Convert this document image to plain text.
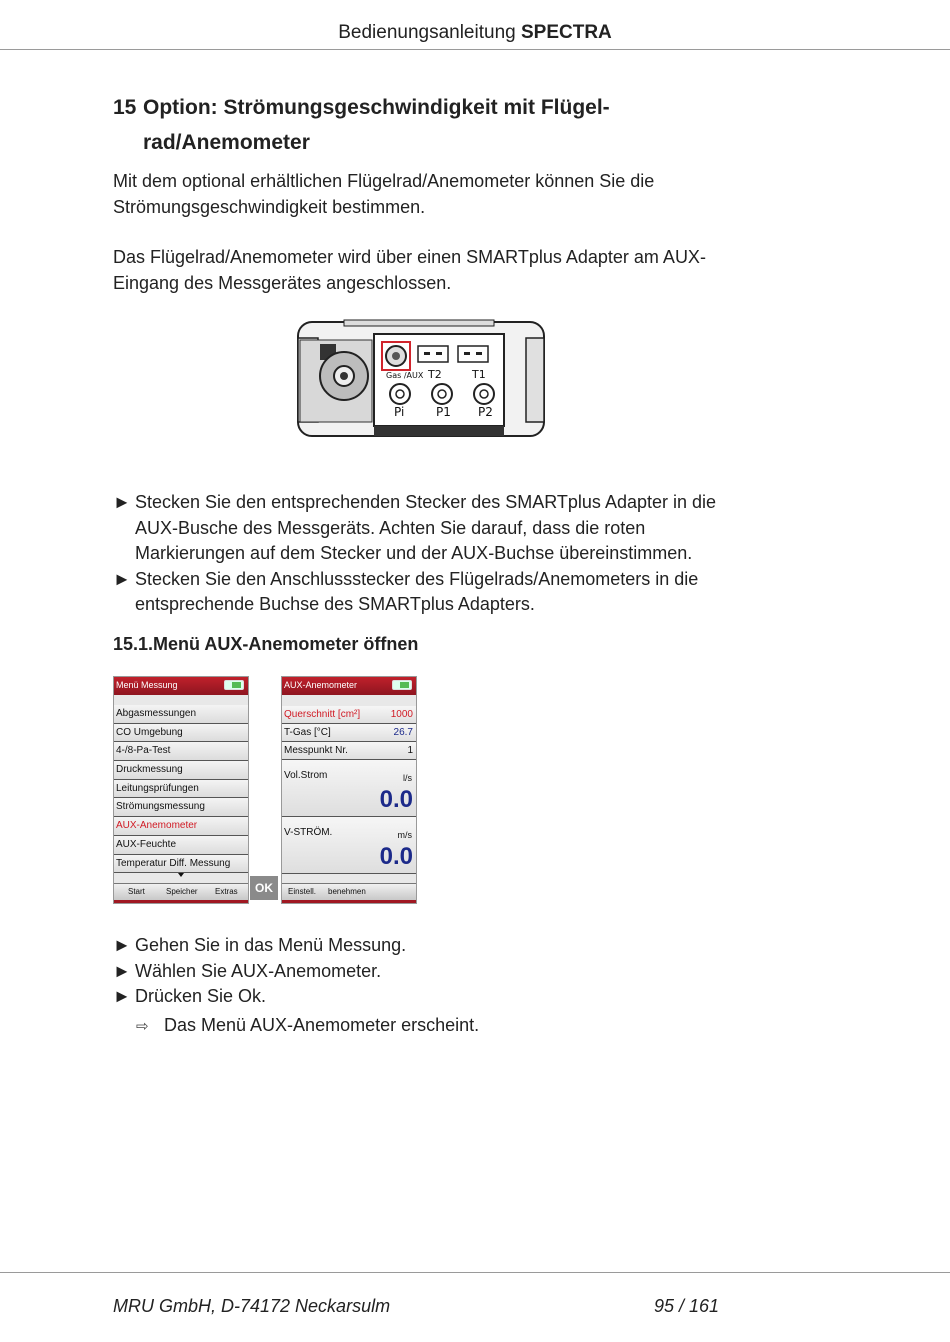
Bedienungsanleitung SPECTRA
15 Option: Strömungsgeschwindigkeit mit Flügel-
rad/Anemometer
Mit dem optional erhältlichen Flügelrad/Anemometer können Sie die Strömungsgeschwindigkeit bestimmen.
Das Flügelrad/Anemometer wird über einen SMARTplus Adapter am AUX-Eingang des Messgerätes angeschlossen.
Gas /AUX T2	T1
Pi	P1 P2
► Stecken Sie den entsprechenden Stecker des SMARTplus Adapter in die AUX-Busche des Messgeräts. Achten Sie darauf, dass die roten Markierungen auf dem Stecker und der AUX-Buchse übereinstimmen.
► Stecken Sie den Anschlussstecker des Flügelrads/Anemometers in die entsprechende Buchse des SMARTplus Adapters.
15.1.Menü AUX-Anemometer öffnen
Menü Messung
Abgasmessungen
CO Umgebung
4-/8-Pa-Test
Druckmessung
Leitungsprüfungen
Strömungsmessung
AUX-Anemometer
AUX-Feuchte
Temperatur Diff. Messung
Start	Speicher Extras	OK
AUX-Anemometer
Querschnitt [cm²]	1000
T-Gas [°C]	26.7
Messpunkt Nr.	1
Vol.Strom	l/s
0.0
V-STRÖM.	m/s
0.0
Einstell. benehmen
► Gehen Sie in das Menü Messung.
► Wählen Sie AUX-Anemometer.
► Drücken Sie Ok.
⇨ Das Menü AUX-Anemometer erscheint.
MRU GmbH, D-74172 Neckarsulm	95 / 161
